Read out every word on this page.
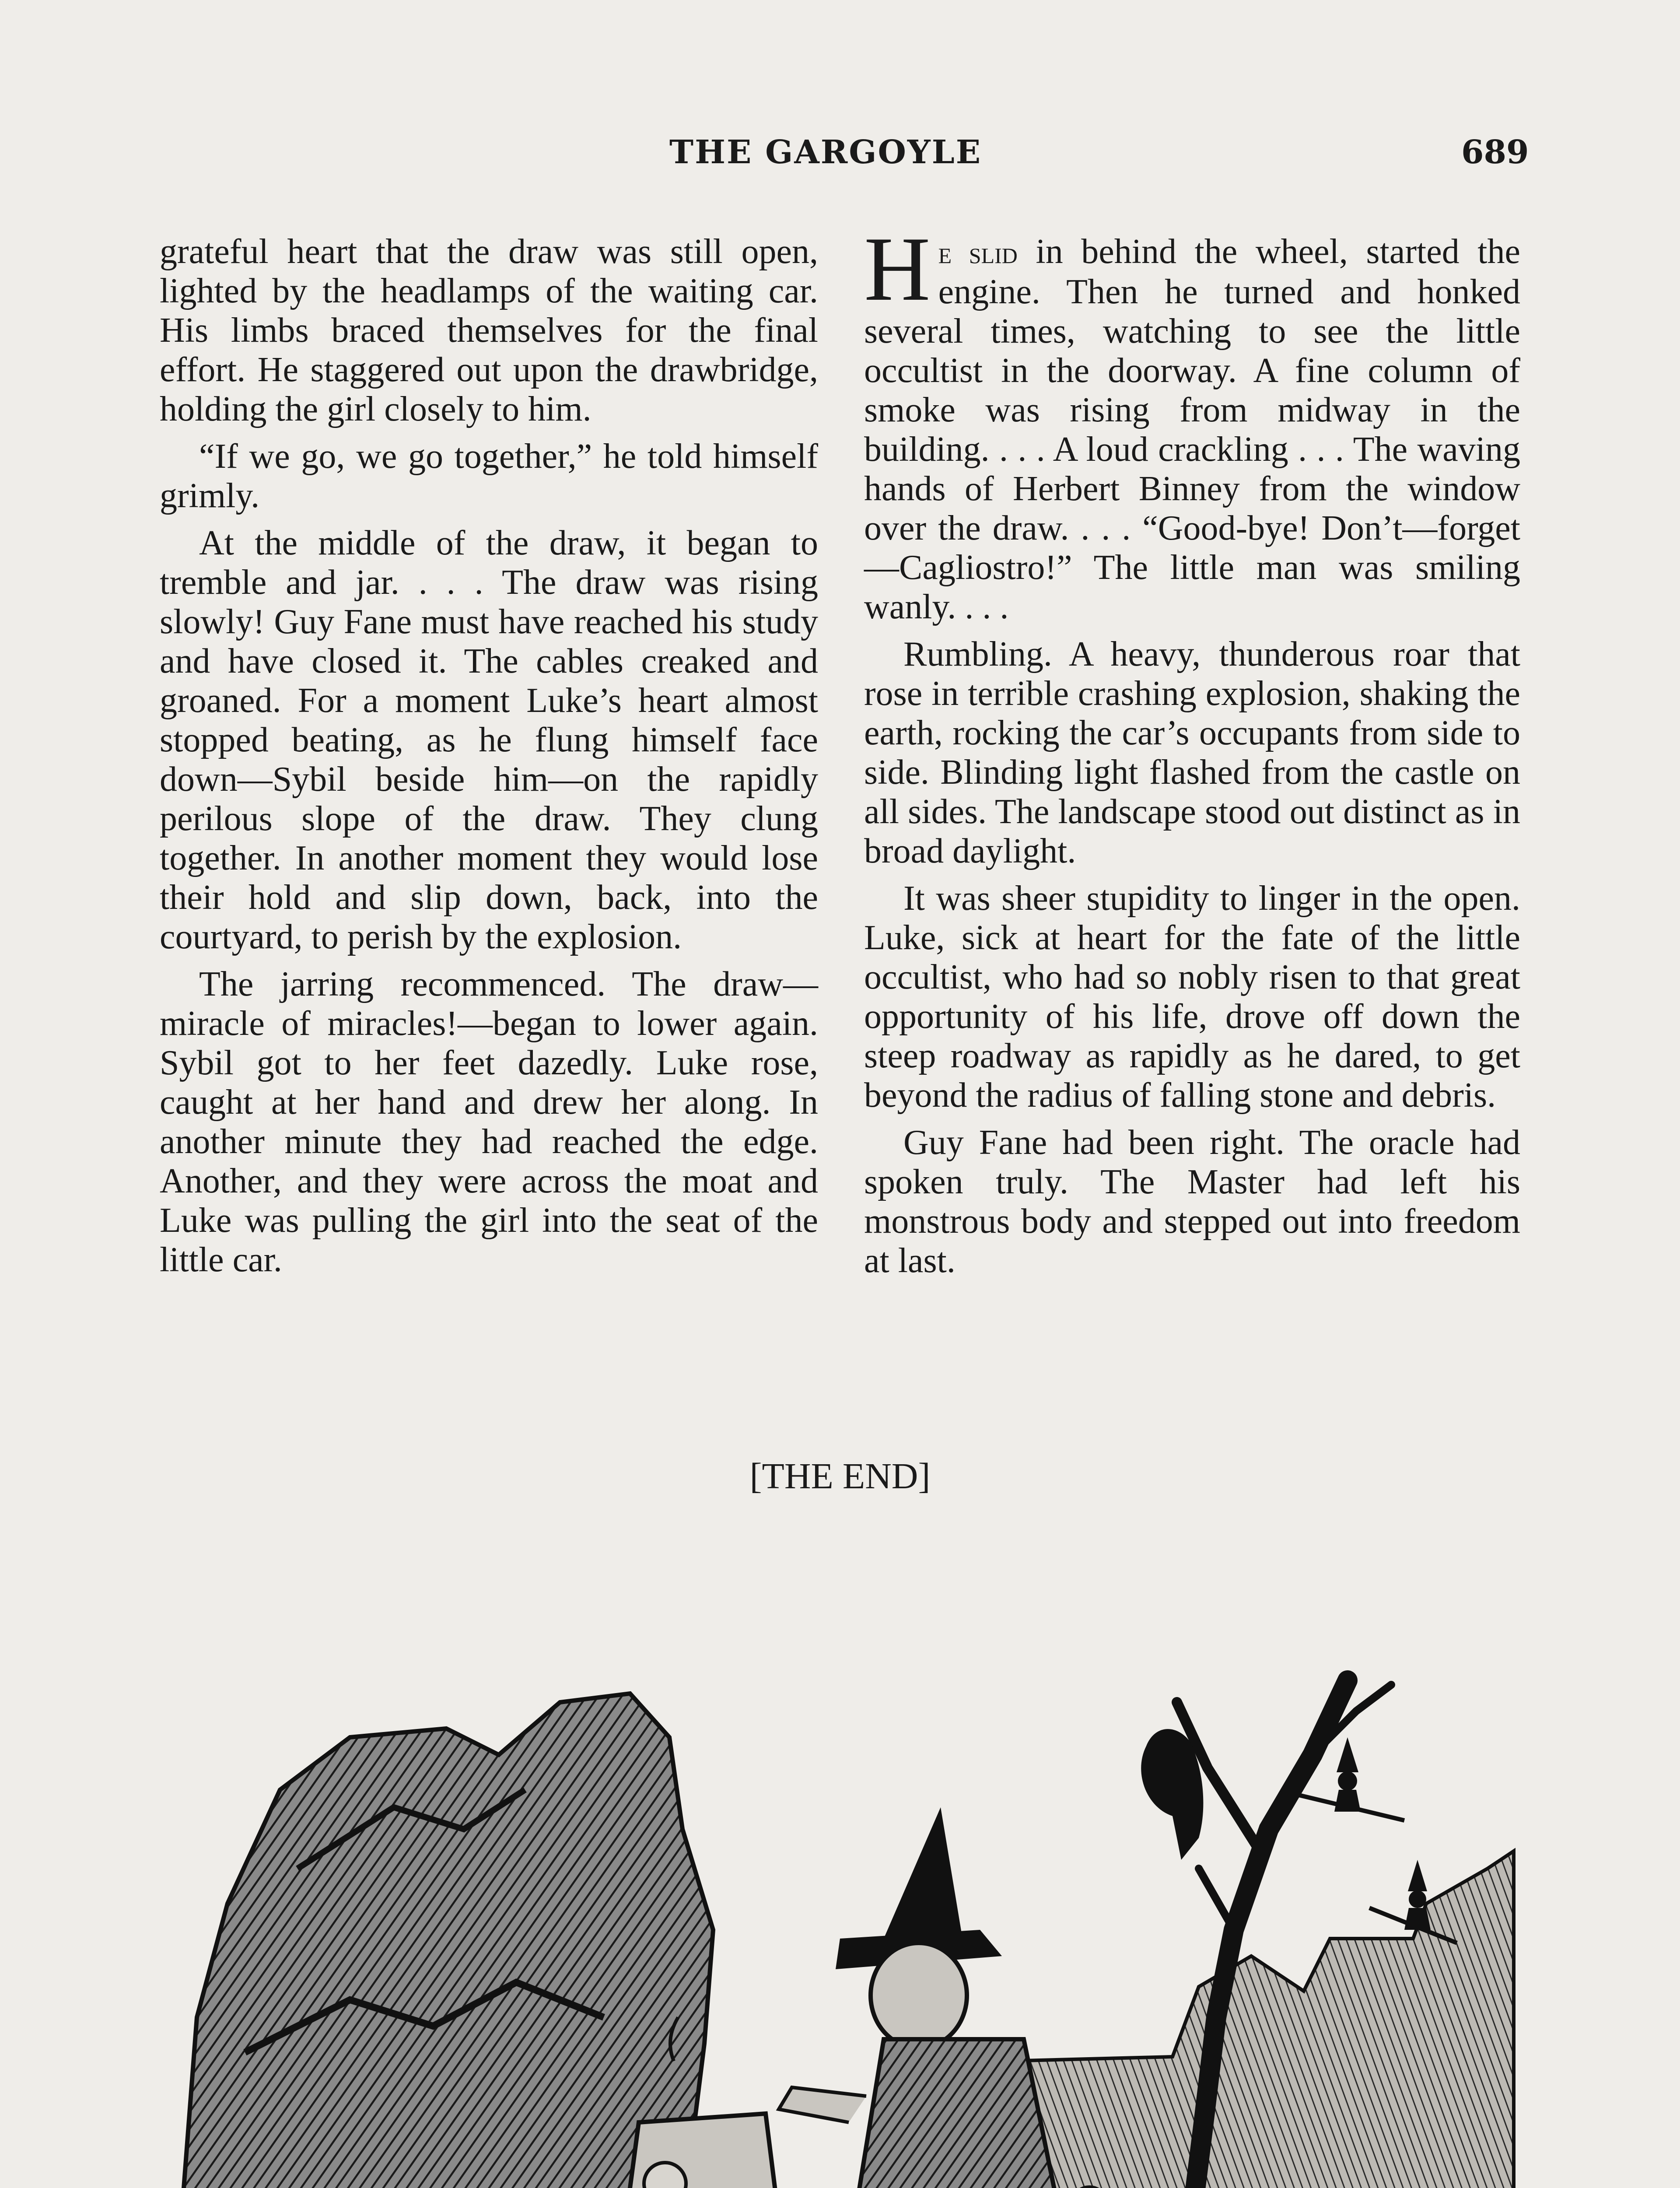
THE GARGOYLE	689

grateful heart that the draw was still open, lighted by the headlamps of the waiting car. His limbs braced themselves for the final effort. He staggered out upon the drawbridge, holding the girl closely to him.

“If we go, we go together,” he told himself grimly.

At the middle of the draw, it began to tremble and jar. . . . The draw was rising slowly! Guy Fane must have reached his study and have closed it. The cables creaked and groaned. For a moment Luke’s heart almost stopped beating, as he flung himself face down—Sybil beside him—on the rapidly perilous slope of the draw. They clung together. In another moment they would lose their hold and slip down, back, into the courtyard, to perish by the explosion.

The jarring recommenced. The draw—miracle of miracles!—began to lower again. Sybil got to her feet dazedly. Luke rose, caught at her hand and drew her along. In another minute they had reached the edge. Another, and they were across the moat and Luke was pulling the girl into the seat of the little car.

He slid in behind the wheel, started the engine. Then he turned and honked several times, watching to see the little occultist in the doorway. A fine column of smoke was rising from midway in the building. . . . A loud crackling . . . The waving hands of Herbert Binney from the window over the draw. . . . “Good-bye! Don’t—forget—Cagliostro!” The little man was smiling wanly. . . .

Rumbling. A heavy, thunderous roar that rose in terrible crashing explosion, shaking the earth, rocking the car’s occupants from side to side. Blinding light flashed from the castle on all sides. The landscape stood out distinct as in broad daylight.

It was sheer stupidity to linger in the open. Luke, sick at heart for the fate of the little occultist, who had so nobly risen to that great opportunity of his life, drove off down the steep roadway as rapidly as he dared, to get beyond the radius of falling stone and debris.

Guy Fane had been right. The oracle had spoken truly. The Master had left his monstrous body and stepped out into freedom at last.

[THE END]
